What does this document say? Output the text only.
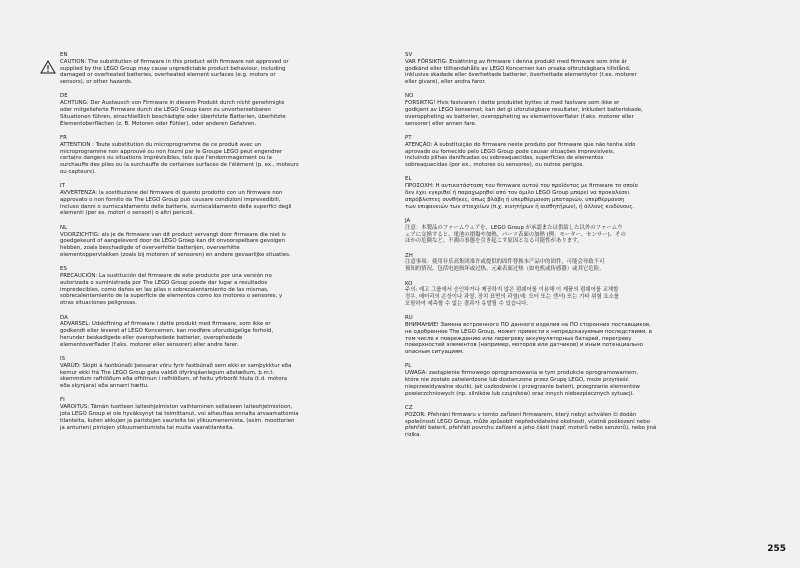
EN
CAUTION: The substitution of firmware in this product with firmware not approved or
supplied by the LEGO Group may cause unpredictable product behaviour, including
damaged or overheated batteries, overheated element surfaces (e.g. motors or
sensors), or other hazards.
DE
ACHTUNG: Der Austausch von Firmware in diesem Produkt durch nicht genehmigte
oder mitgelieferte Firmware durch die LEGO Group kann zu unvorhersehbaren
Situationen führen, einschließlich beschädigte oder überhitzte Batterien, überhitzte
Elementoberflächen (z. B. Motoren oder Fühler), oder anderen Gefahren.
FR
ATTENTION : Toute substitution du microprogramme de ce produit avec un
microprogramme non approuvé ou non fourni par le Groupe LEGO peut engendrer
certains dangers ou situations imprévisibles, tels que l'endommagement ou la
surchauffe des piles ou la surchauffe de certaines surfaces de l'élément (p. ex., moteurs
ou capteurs).
IT
AVVERTENZA: la sostituzione del firmware di questo prodotto con un firmware non
approvato o non fornito da The LEGO Group può causare condizioni imprevedibili,
incluso danni o surriscaldamento delle batterie, surriscaldamento delle superfici degli
elementi (per es. motori o sensori) o altri pericoli.
NL
VOORZICHTIG: als je de firmware van dit product vervangt door firmware die niet is
goedgekeurd of aangeleverd door de LEGO Groep kan dit onvoorspelbare gevolgen
hebben, zoals beschadigde of oververhitte batterijen, oververhitte
elementoppervlakken (zoals bij motoren of sensoren) en andere gevaarlijke situaties.
ES
PRECAUCIÓN: La sustitución del firmware de este producto por una versión no
autorizada o suministrada por The LEGO Group puede dar lugar a resultados
impredecibles, como daños en las pilas o sobrecalentamiento de las mismas,
sobrecalentamiento de la superficie de elementos como los motores o sensores, y
otras situaciones peligrosas.
DA
ADVARSEL: Udskiftning af firmware i dette produkt med firmware, som ikke er
godkendt eller leveret af LEGO Koncernen, kan medføre uforudsigelige forhold,
herunder beskadigede eller overophedede batterier, overophedede
elementoverflader (f.eks. motorer eller sensorer) eller andre farer.
IS
VARÚÐ: Skipti á fastbúnaði þessarar vöru fyrir fastbúnað sem ekki er samþykktur eða
kemur ekki frá The LEGO Group geta valdið ófyrirsjáanlegum aðstæðum, þ.m.t.
skemmdum rafhlöðum eða ofhitnun í rafhlöðum, of heitu yfirborði hluta (t.d. mótora
eða skynjara) eða annarri hættu.
FI
VAROITUS: Tämän tuotteen laiteohjelmiston vaihtaminen sellaiseen laiteohjelmistoon,
jota LEGO Group ei ole hyväksynyt tai toimittanut, voi aiheuttaa ennalta arvaamattomia
tilanteita, kuten akkujen ja paristojen vaurioita tai ylikuumenemista, (esim. moottorien
ja anturien) pintojen ylikuumentumista tai muita vaaratilanteita.
SV
VAR FÖRSIKTIG: Ersättning av firmware i denna produkt med firmware som inte är
godkänd eller tillhandahålls av LEGO Koncernen kan orsaka oförutsägbara tillstånd,
inklusive skadade eller överhettade batterier, överhettade elementytor (t.ex. motorer
eller givare), eller andra faror.
NO
FORSIKTIG! Hvis fastvaren i dette produktet byttes ut med fastvare som ikke er
godkjent av LEGO konsernet, kan det gi uforutsigbare resultater, inkludert batteriskade,
overoppheting av batterier, overoppheting av elementoverflater (f.eks. motorer eller
sensorer) eller annen fare.
PT
ATENÇÃO: A substituição do firmware neste produto por firmware que não tenha sido
aprovado ou fornecido pelo LEGO Group pode causar situações imprevisíveis,
incluindo pilhas danificadas ou sobreaquecidas, superfícies de elementos
sobreaquecidas (por ex., motores ou sensores), ou outros perigos.
EL
ΠΡΟΣΟΧΗ: Η αντικατάσταση του firmware αυτού του προϊόντος με firmware το οποίο
δεν έχει εγκριθεί ή παραχωρηθεί από τον όμιλο LEGO Group μπορεί να προκαλέσει
απρόβλεπτες συνθήκες, όπως βλάβη ή υπερθέρμανση μπαταριών, υπερθέρμανση
των επιφανειών των στοιχείων (π.χ. κινητήρων ή αισθητήρων), ή άλλους κινδύνους.
JA
注意：本製品のファームウェアを、LEGO Group が承認または供給した以外のファームウ
ェアに交換すると、電池の損傷や加熱、パーツ表面の加熱 (例：モーター、センサー)、その
ほかの危険など、不測の事態を引き起こす原因となる可能性があります。
ZH
注意事项：使用非乐高集团准许或提供的固件替换本产品中的固件，可能会导致不可
预知的情况，包括电池损坏或过热、元素表面过热（如电机或传感器）或其它危险。
KO
주의: 레고 그룹에서 승인하거나 제공하지 않은 펌웨어를 이용해 이 제품의 펌웨어를 교체할
경우, 배터리의 손상이나 과열, 장치 표면의 과열(예: 모터 또는 센서) 또는 기타 위험 요소를
포함하여 예측할 수 없는 결과가 유발될 수 있습니다.
RU
ВНИМАНИЕ! Замена встроенного ПО данного изделия на ПО сторонних поставщиков,
не одобренное The LEGO Group, может привести к непредсказуемым последствиям, в
том числе к повреждению или перегреву аккумуляторных батарей, перегреву
поверхностей элементов (например, моторов или датчиков) и иным потенциально
опасным ситуациям.
PL
UWAGA: zastąpienie firmowego oprogramowania w tym produkcie oprogramowaniem,
które nie zostało zatwierdzone lub dostarczone przez Grupę LEGO, może przynieść
nieprzewidywalne skutki, jak uszkodzenie i przegrzanie baterii, przegrzanie elementów
powierzchniowych (np. silników lub czujników) oraz innych niebezpiecznych sytuacji.
CZ
POZOR: Přehrání firmwaru v tomto zařízení firmwarem, který nebyl schválen či dodán
společností LEGO Group, může způsobit nepředvídatelné okolnosti, včetně poškození nebo
přehřátí baterií, přehřátí povrchu zařízení a jeho částí (např. motorů nebo senzorů), nebo jiná
rizika.
255
